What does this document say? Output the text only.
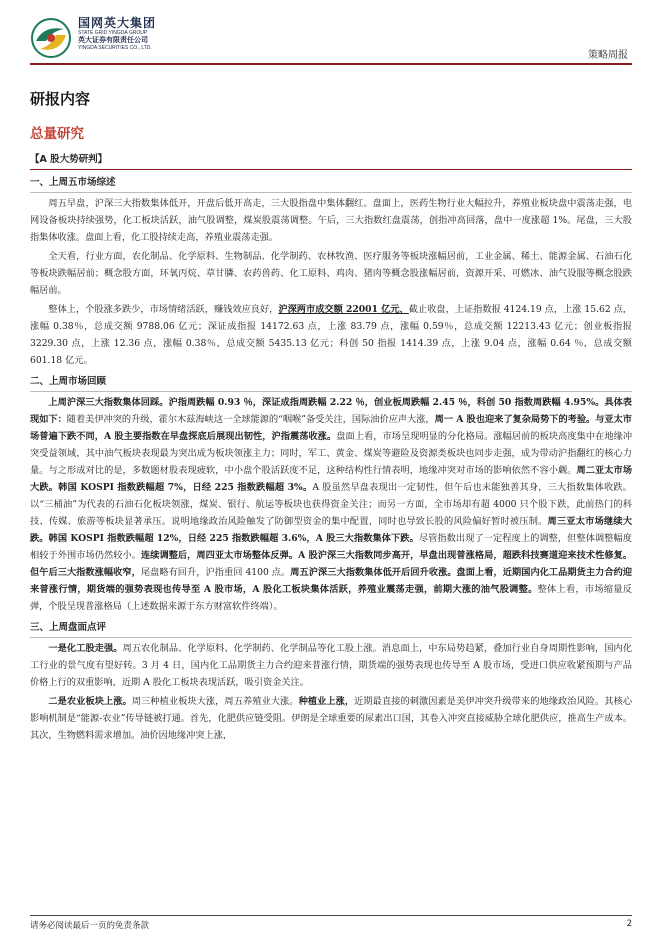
国网英大集团
STATE GRID YINGDA GROUP
英大证券有限责任公司
YINGDA SECURITIES CO., LTD.
策略周报
研报内容
总量研究
【A 股大势研判】
一、上周五市场综述

周五早盘，沪深三大指数集体低开，开盘后低开高走，三大股指盘中集体翻红。盘面上，医药生物行业大幅拉升，养殖业板块盘中震荡走强，电网设备板块持续强势，化工板块活跃，油气股调整，煤炭股震荡调整。午后，三大指数红盘震荡，创指冲高回落，盘中一度涨超 1%。尾盘，三大股指集体收涨。盘面上看，化工股持续走高，养殖业震荡走强。

全天看，行业方面，农化制品、化学原料、生物制品、化学制药、农林牧渔、医疗服务等板块涨幅居前，工业金属、稀土、能源金属、石油石化等板块跌幅居前；概念股方面，环氧丙烷、草甘膦、农药兽药、化工原料、鸡肉、猪肉等概念股涨幅居前，资源开采、可燃冰、油气设服等概念股跌幅居前。

整体上，个股涨多跌少，市场情绪活跃，赚钱效应良好，沪深两市成交额 22001 亿元，截止收盘，上证指数报 4124.19 点，上涨 15.62 点，涨幅 0.38％，总成交额 9788.06 亿元；深证成指报 14172.63 点，上涨 83.79 点，涨幅 0.59％，总成交额 12213.43 亿元；创业板指报 3229.30 点，上涨 12.36 点，涨幅 0.38％，总成交额 5435.13 亿元；科创 50 指报 1414.39 点，上涨 9.04 点，涨幅 0.64 ％，总成交额 601.18 亿元。

二、上周市场回顾

上周沪深三大指数集体回踩。沪指周跌幅 0.93 ％，深证成指周跌幅 2.22 ％，创业板周跌幅 2.45 ％，科创 50 指数周跌幅 4.95%。具体表现如下：随着美伊冲突的升级，霍尔木兹海峡这一全球能源的“咽喉”备受关注，国际油价应声大涨，周一 A 股也迎来了复杂局势下的考验。与亚太市场普遍下跌不同，A 股主要指数在早盘探底后展现出韧性，沪指震荡收涨。盘面上看，市场呈现明显的分化格局。涨幅居前的板块高度集中在地缘冲突受益领域，其中油气板块表现最为突出成为板块领涨主力；同时，军工、黄金、煤炭等避险及资源类板块也同步走强，成为带动沪指翻红的核心力量。与之形成对比的是，多数题材股表现疲软，中小盘个股活跃度不足，这种结构性行情表明，地缘冲突对市场的影响依然不容小觑。周二亚太市场大跌。韩国 KOSPI 指数跌幅超 7%，日经 225 指数跌幅超 3%。A 股虽然早盘表现出一定韧性，但午后也未能独善其身，三大指数集体收跌。以“三桶油”为代表的石油石化板块领涨，煤炭、银行、航运等板块也获得资金关注；而另一方面，全市场却有超 4000 只个股下跌，此前热门的科技、传媒、旅游等板块显著承压。说明地缘政治风险触发了防御型资金的集中配置，同时也导致长股的风险偏好暂时被压制。周三亚太市场继续大跌。韩国 KOSPI 指数跌幅超 12%，日经 225 指数跌幅超 3.6%，A 股三大指数集体下跌。尽管指数出现了一定程度上的调整，但整体调整幅度相较于外围市场仍然较小。连续调整后，周四亚太市场整体反弹。A 股沪深三大指数同步高开，早盘出现普涨格局，超跌科技赛道迎来技术性修复。但午后三大指数涨幅收窄，尾盘略有回升，沪指重回 4100 点。周五沪深三大指数集体低开后回升收涨。盘面上看，近期国内化工品期货主力合约迎来普涨行情，期货端的强势表现也传导至 A 股市场，A 股化工板块集体活跃，养殖业震荡走强，前期大涨的油气股调整。整体上看，市场缩量反弹，个股呈现普涨格局（上述数据来源于东方财富软件终端）。

三、上周盘面点评

一是化工股走强。周五农化制品、化学原料、化学制药、化学制品等化工股上涨。消息面上，中东局势趋紧，叠加行业自身周期性影响，国内化工行业的景气度有望好转。3 月 4 日，国内化工品期货主力合约迎来普涨行情，期货端的强势表现也传导至 A 股市场，受进口供应收紧预期与产品价格上行的双重影响，近期 A 股化工板块表现活跃，吸引资金关注。

二是农业板块上涨。周三种植业板块大涨，周五养殖业大涨。种植业上涨，近期最直接的刺激因素是美伊冲突升级带来的地缘政治风险。其核心影响机制是“能源-农业”传导链被打通。首先，化肥供应链受阻。伊朗是全球重要的尿素出口国，其卷入冲突直接威胁全球化肥供应，推高生产成本。其次，生物燃料需求增加。油价因地缘冲突上涨，

请务必阅读最后一页的免责条款	2
